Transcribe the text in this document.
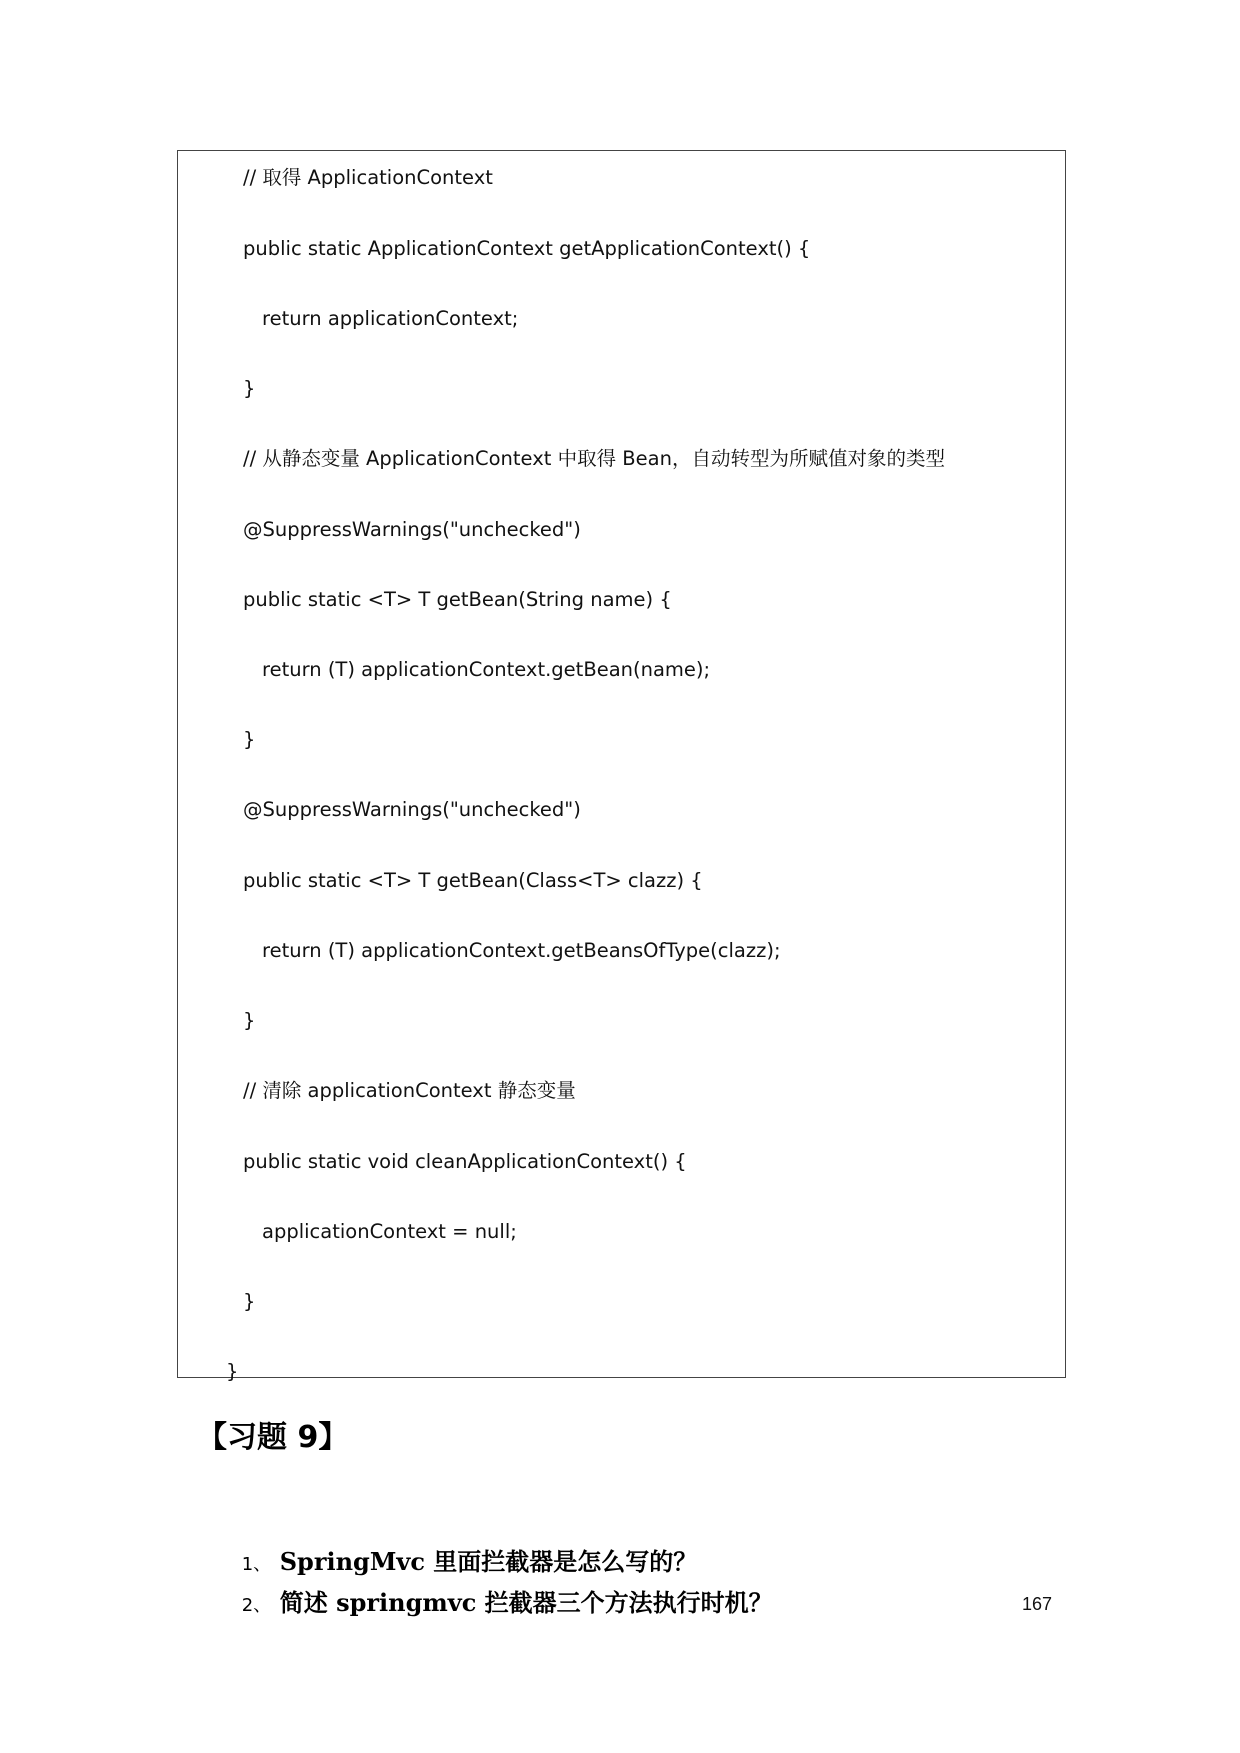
// 取得 ApplicationContext
public static ApplicationContext getApplicationContext() {
return applicationContext;
}
// 从静态变量 ApplicationContext 中取得 Bean，自动转型为所赋值对象的类型
@SuppressWarnings("unchecked")
public static <T> T getBean(String name) {
return (T) applicationContext.getBean(name);
}
@SuppressWarnings("unchecked")
public static <T> T getBean(Class<T> clazz) {
return (T) applicationContext.getBeansOfType(clazz);
}
// 清除 applicationContext 静态变量
public static void cleanApplicationContext() {
applicationContext = null;
}
}
【习题 9】

1、 SpringMvc 里面拦截器是怎么写的？

2、 简述 springmvc 拦截器三个方法执行时机？	167
